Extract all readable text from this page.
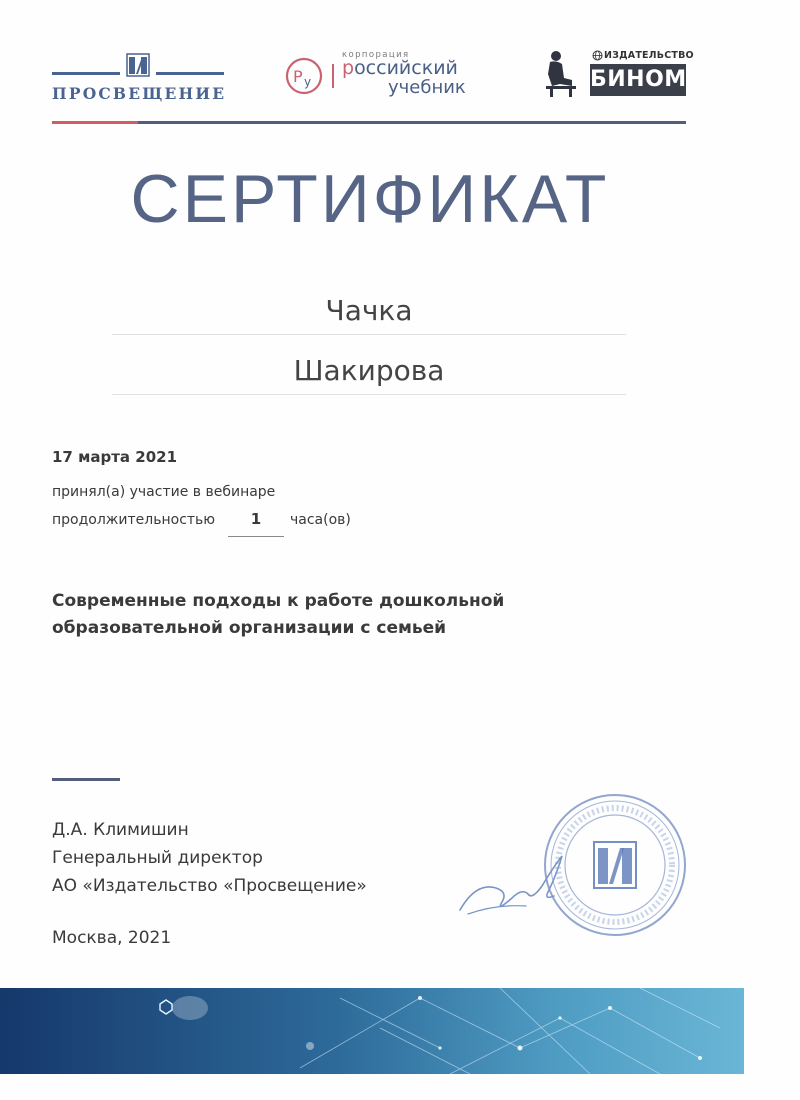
ПРОСВЕЩЕНИЕ
P y
корпорация
российский
учебник
ИЗДАТЕЛЬСТВО
БИНОМ
СЕРТИФИКАТ
Чачка
Шакирова
17 марта 2021
принял(а) участие в вебинаре
продолжительностью	1	часа(ов)
Современные подходы к работе дошкольной образовательной организации с семьей
Д.А. Климишин
Генеральный директор
АО «Издательство «Просвещение»
Москва, 2021
